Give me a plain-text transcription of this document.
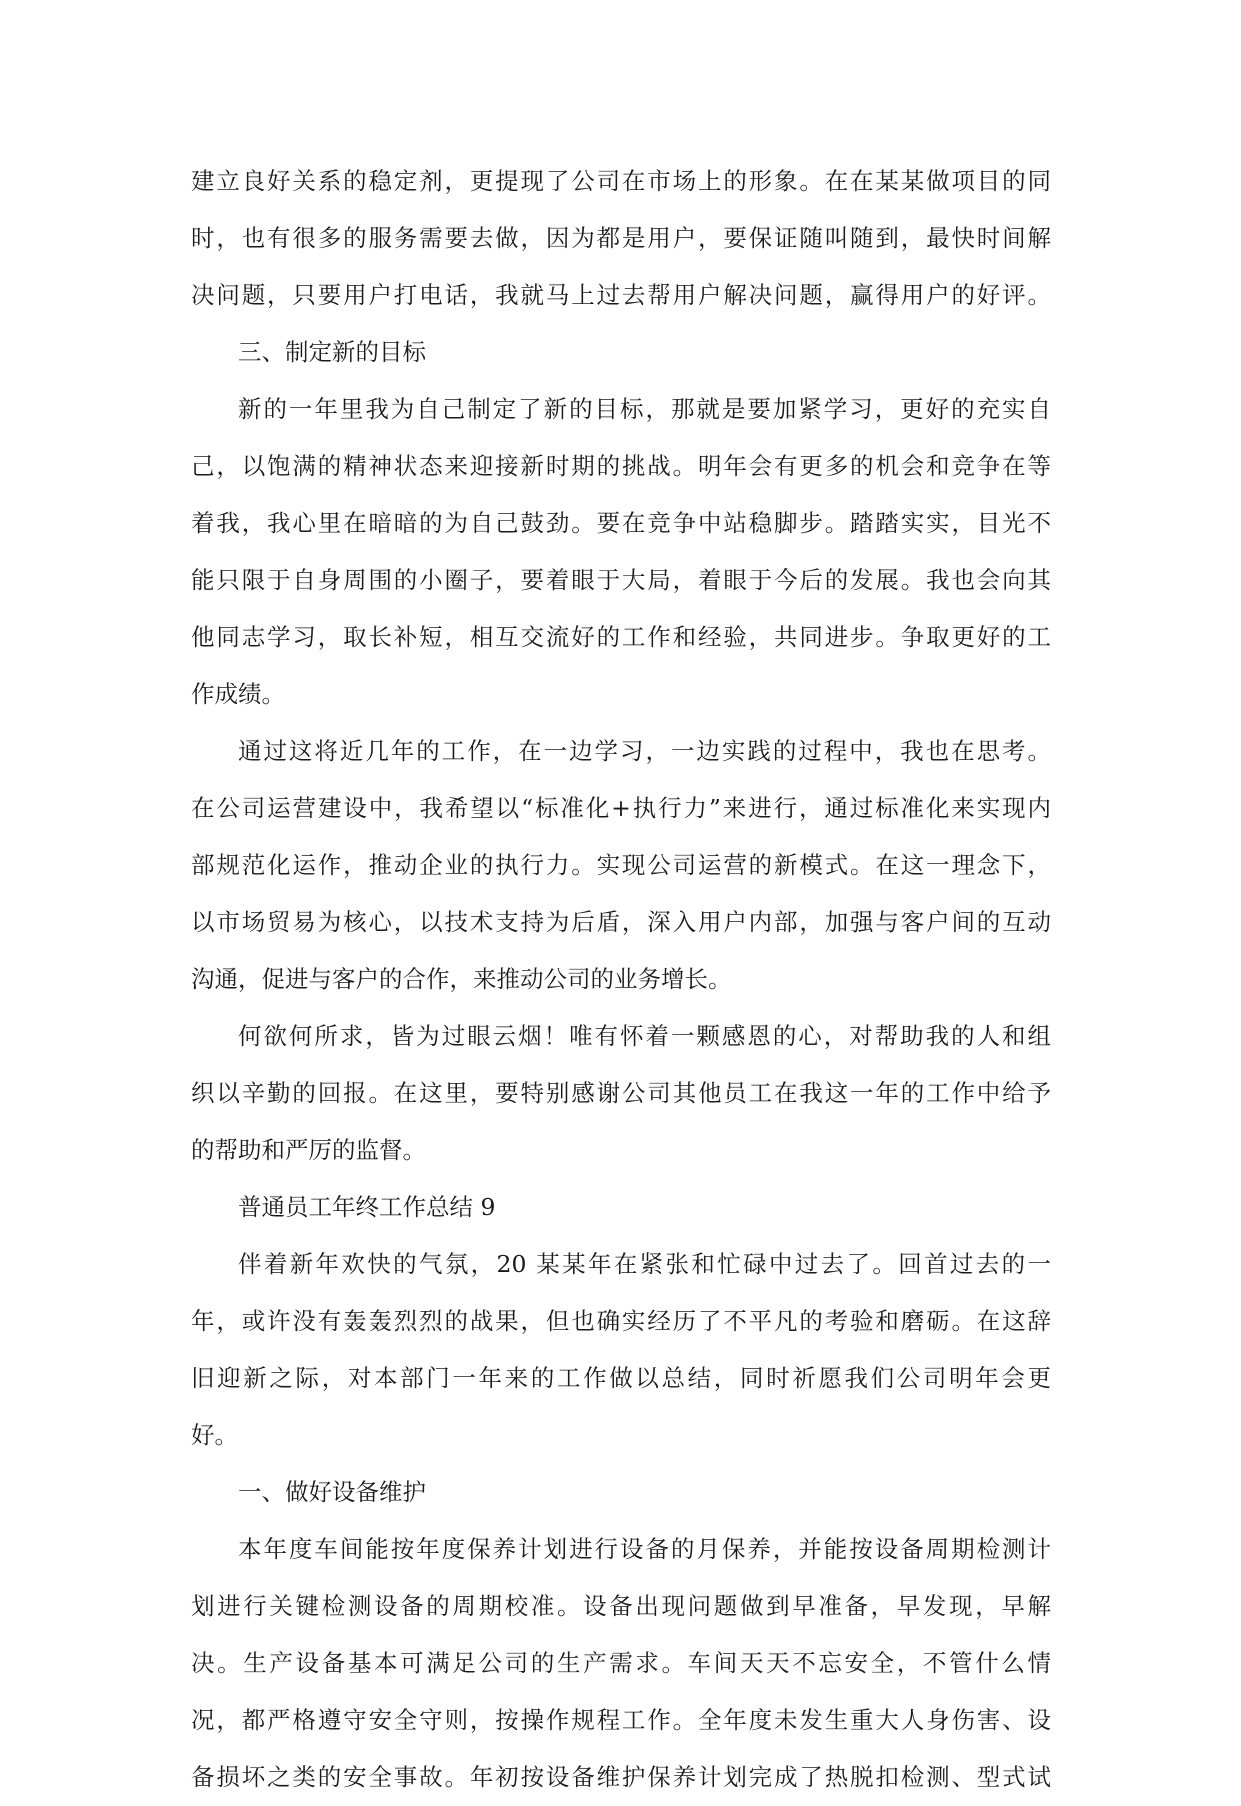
建立良好关系的稳定剂，更提现了公司在市场上的形象。在在某某做项目的同
时，也有很多的服务需要去做，因为都是用户，要保证随叫随到，最快时间解
决问题，只要用户打电话，我就马上过去帮用户解决问题，赢得用户的好评。
三、制定新的目标
新的一年里我为自己制定了新的目标，那就是要加紧学习，更好的充实自
己，以饱满的精神状态来迎接新时期的挑战。明年会有更多的机会和竞争在等
着我，我心里在暗暗的为自己鼓劲。要在竞争中站稳脚步。踏踏实实，目光不
能只限于自身周围的小圈子，要着眼于大局，着眼于今后的发展。我也会向其
他同志学习，取长补短，相互交流好的工作和经验，共同进步。争取更好的工
作成绩。
通过这将近几年的工作，在一边学习，一边实践的过程中，我也在思考。
在公司运营建设中，我希望以“标准化+执行力”来进行，通过标准化来实现内
部规范化运作，推动企业的执行力。实现公司运营的新模式。在这一理念下，
以市场贸易为核心，以技术支持为后盾，深入用户内部，加强与客户间的互动
沟通，促进与客户的合作，来推动公司的业务增长。
何欲何所求，皆为过眼云烟！唯有怀着一颗感恩的心，对帮助我的人和组
织以辛勤的回报。在这里，要特别感谢公司其他员工在我这一年的工作中给予
的帮助和严厉的监督。
普通员工年终工作总结 9
伴着新年欢快的气氛，20 某某年在紧张和忙碌中过去了。回首过去的一
年，或许没有轰轰烈烈的战果，但也确实经历了不平凡的考验和磨砺。在这辞
旧迎新之际，对本部门一年来的工作做以总结，同时祈愿我们公司明年会更
好。
一、做好设备维护
本年度车间能按年度保养计划进行设备的月保养，并能按设备周期检测计
划进行关键检测设备的周期校准。设备出现问题做到早准备，早发现，早解
决。生产设备基本可满足公司的生产需求。车间天天不忘安全，不管什么情
况，都严格遵守安全守则，按操作规程工作。全年度未发生重大人身伤害、设
备损坏之类的安全事故。年初按设备维护保养计划完成了热脱扣检测、型式试
